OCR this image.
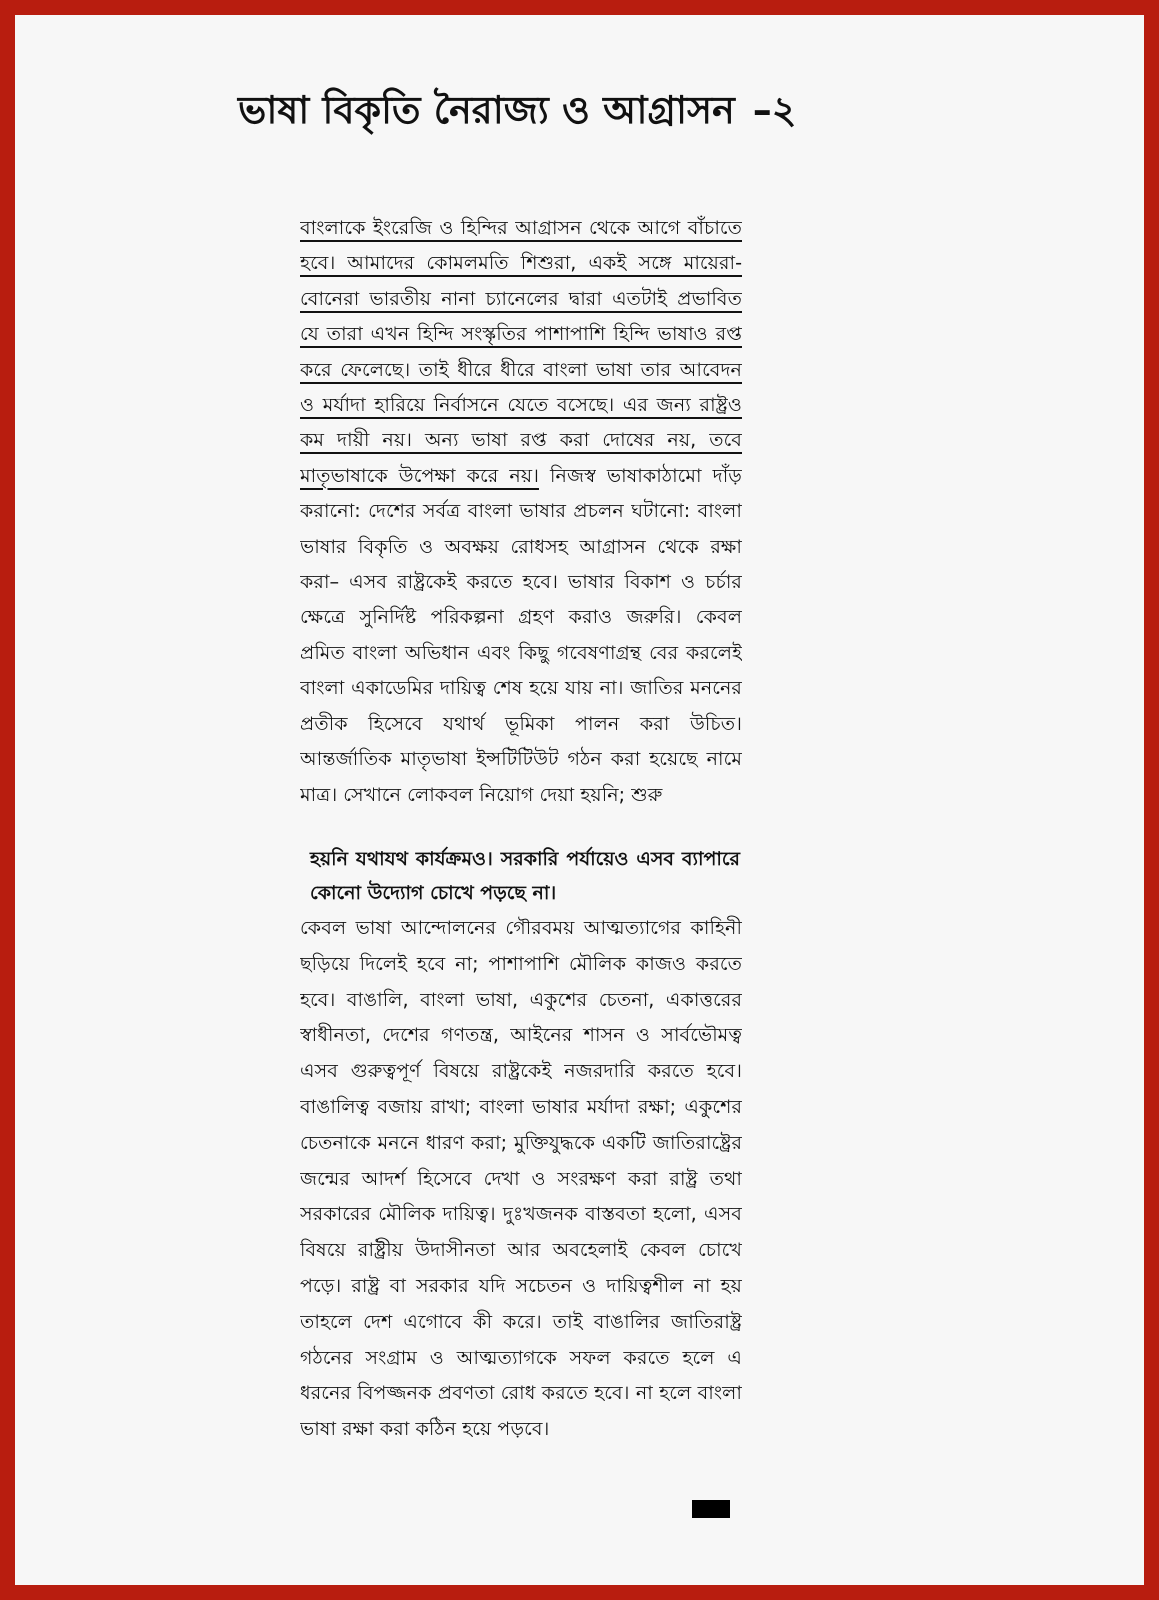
ভাষা বিকৃতি নৈরাজ্য ও আগ্রাসন –২

বাংলাকে ইংরেজি ও হিন্দির আগ্রাসন থেকে আগে বাঁচাতে হবে। আমাদের কোমলমতি শিশুরা, একই সঙ্গে মায়েরা-বোনেরা ভারতীয় নানা চ্যানেলের দ্বারা এতটাই প্রভাবিত যে তারা এখন হিন্দি সংস্কৃতির পাশাপাশি হিন্দি ভাষাও রপ্ত করে ফেলেছে। তাই ধীরে ধীরে বাংলা ভাষা তার আবেদন ও মর্যাদা হারিয়ে নির্বাসনে যেতে বসেছে। এর জন্য রাষ্ট্রও কম দায়ী নয়। অন্য ভাষা রপ্ত করা দোষের নয়, তবে মাতৃভাষাকে উপেক্ষা করে নয়। নিজস্ব ভাষাকাঠামো দাঁড় করানো: দেশের সর্বত্র বাংলা ভাষার প্রচলন ঘটানো: বাংলা ভাষার বিকৃতি ও অবক্ষয় রোধসহ আগ্রাসন থেকে রক্ষা করা– এসব রাষ্ট্রকেই করতে হবে। ভাষার বিকাশ ও চর্চার ক্ষেত্রে সুনির্দিষ্ট পরিকল্পনা গ্রহণ করাও জরুরি। কেবল প্রমিত বাংলা অভিধান এবং কিছু গবেষণাগ্রন্থ বের করলেই বাংলা একাডেমির দায়িত্ব শেষ হয়ে যায় না। জাতির মননের প্রতীক হিসেবে যথার্থ ভূমিকা পালন করা উচিত। আন্তর্জাতিক মাতৃভাষা ইন্সটিটিউট গঠন করা হয়েছে নামে মাত্র। সেখানে লোকবল নিয়োগ দেয়া হয়নি; শুরু

হয়নি যথাযথ কার্যক্রমও। সরকারি পর্যায়েও এসব ব্যাপারে কোনো উদ্যোগ চোখে পড়ছে না।

কেবল ভাষা আন্দোলনের গৌরবময় আত্মত্যাগের কাহিনী ছড়িয়ে দিলেই হবে না; পাশাপাশি মৌলিক কাজও করতে হবে। বাঙালি, বাংলা ভাষা, একুশের চেতনা, একাত্তরের স্বাধীনতা, দেশের গণতন্ত্র, আইনের শাসন ও সার্বভৌমত্ব এসব গুরুত্বপূর্ণ বিষয়ে রাষ্ট্রকেই নজরদারি করতে হবে। বাঙালিত্ব বজায় রাখা; বাংলা ভাষার মর্যাদা রক্ষা; একুশের চেতনাকে মননে ধারণ করা; মুক্তিযুদ্ধকে একটি জাতিরাষ্ট্রের জন্মের আদর্শ হিসেবে দেখা ও সংরক্ষণ করা রাষ্ট্র তথা সরকারের মৌলিক দায়িত্ব। দুঃখজনক বাস্তবতা হলো, এসব বিষয়ে রাষ্ট্রীয় উদাসীনতা আর অবহেলাই কেবল চোখে পড়ে। রাষ্ট্র বা সরকার যদি সচেতন ও দায়িত্বশীল না হয় তাহলে দেশ এগোবে কী করে। তাই বাঙালির জাতিরাষ্ট্র গঠনের সংগ্রাম ও আত্মত্যাগকে সফল করতে হলে এ ধরনের বিপজ্জনক প্রবণতা রোধ করতে হবে। না হলে বাংলা ভাষা রক্ষা করা কঠিন হয়ে পড়বে।
